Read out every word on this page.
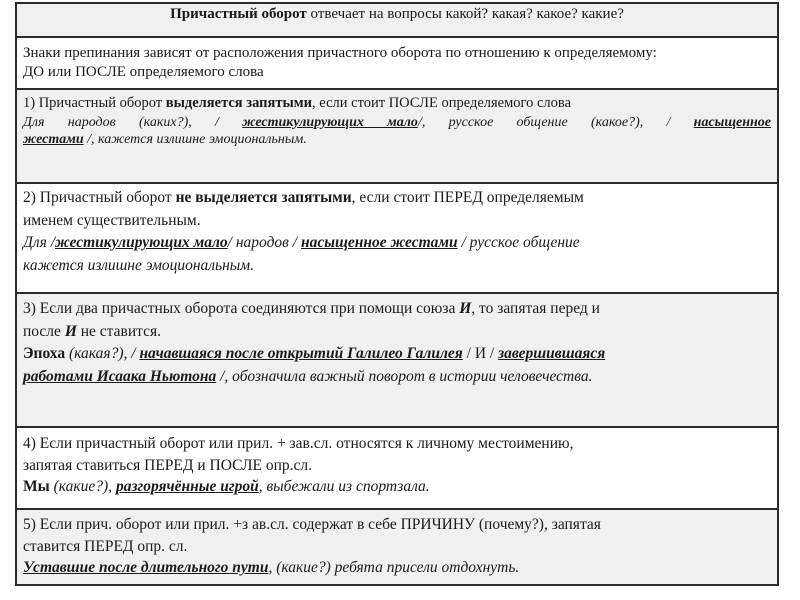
Причастный оборот отвечает на вопросы какой? какая? какое? какие?
Знаки препинания зависят от расположения причастного оборота по отношению к определяемому:
ДО или ПОСЛЕ определяемого слова
1) Причастный оборот выделяется запятыми, если стоит ПОСЛЕ определяемого слова
Для народов (каких?), / жестикулирующих мало/, русское общение (какое?), / насыщенное
жестами /, кажется излишне эмоциональным.
2) Причастный оборот не выделяется запятыми, если стоит ПЕРЕД определяемым
именем существительным.
Для /жестикулирующих мало/ народов / насыщенное жестами / русское общение
кажется излишне эмоциональным.
3) Если два причастных оборота соединяются при помощи союза И, то запятая перед и
после И не ставится.
Эпоха (какая?), / начавшаяся после открытий Галилео Галилея / И / завершившаяся
работами Исаака Ньютона /, обозначила важный поворот в истории человечества.
4) Если причастный оборот или прил. + зав.сл. относятся к личному местоимению,
запятая ставиться ПЕРЕД и ПОСЛЕ опр.сл.
Мы (какие?), разгорячённые игрой, выбежали из спортзала.
5) Если прич. оборот или прил. +з ав.сл. содержат в себе ПРИЧИНУ (почему?), запятая
ставится ПЕРЕД опр. сл.
Уставшие после длительного пути, (какие?) ребята присели отдохнуть.
